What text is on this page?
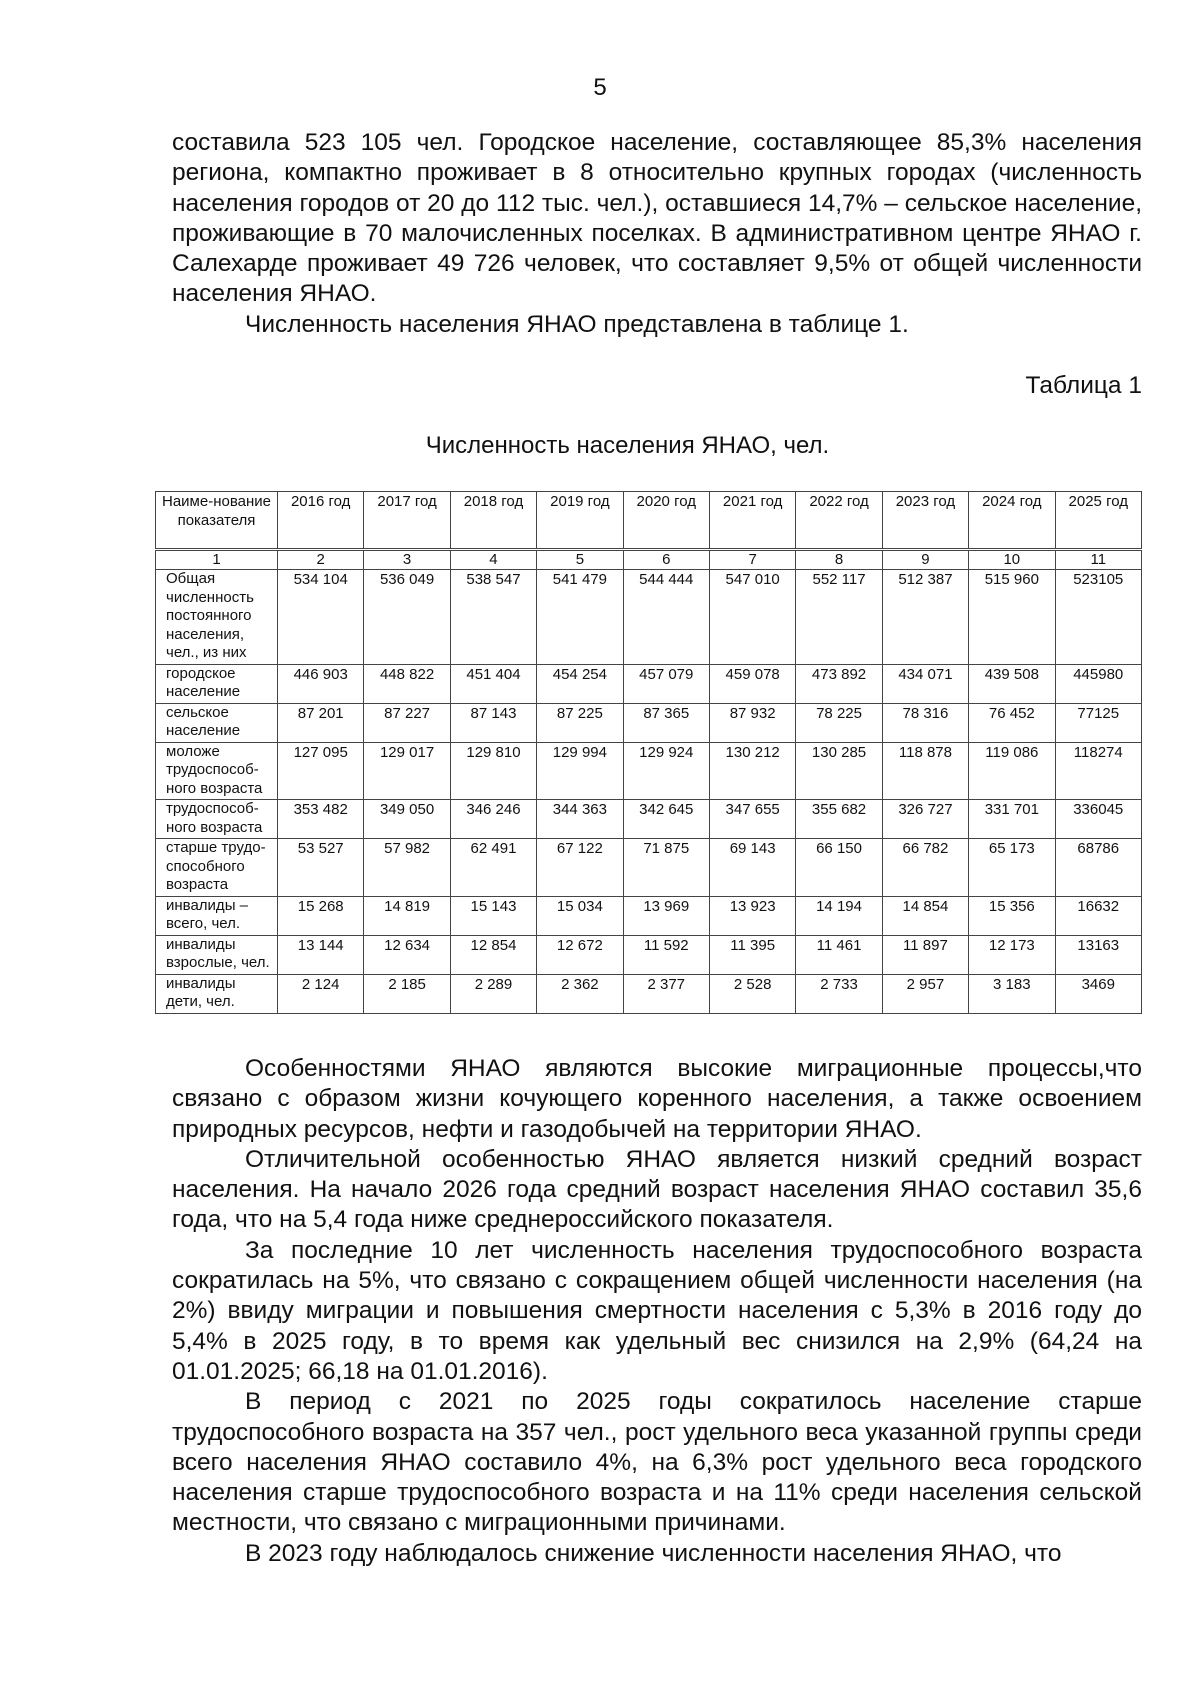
5

составила 523 105 чел. Городское население, составляющее 85,3% населения региона, компактно проживает в 8 относительно крупных городах (численность населения городов от 20 до 112 тыс. чел.), оставшиеся 14,7% – сельское население, проживающие в 70 малочисленных поселках. В административном центре ЯНАО г. Салехарде проживает 49 726 человек, что составляет 9,5% от общей численности населения ЯНАО.

Численность населения ЯНАО представлена в таблице 1.

Таблица 1
Численность населения ЯНАО, чел.
Наиме-нование показателя	2016 год	2017 год	2018 год	2019 год	2020 год	2021 год	2022 год	2023 год	2024 год	2025 год
1	2	3	4	5	6	7	8	9	10	11
Общая численность постоянного населения, чел., из них	534 104	536 049	538 547	541 479	544 444	547 010	552 117	512 387	515 960	523105
городское население	446 903	448 822	451 404	454 254	457 079	459 078	473 892	434 071	439 508	445980
сельское население	87 201	87 227	87 143	87 225	87 365	87 932	78 225	78 316	76 452	77125
моложе трудоспособ-ного возраста	127 095	129 017	129 810	129 994	129 924	130 212	130 285	118 878	119 086	118274
трудоспособ-ного возраста	353 482	349 050	346 246	344 363	342 645	347 655	355 682	326 727	331 701	336045
старше трудо-способного возраста	53 527	57 982	62 491	67 122	71 875	69 143	66 150	66 782	65 173	68786
инвалиды – всего, чел.	15 268	14 819	15 143	15 034	13 969	13 923	14 194	14 854	15 356	16632
инвалиды взрослые, чел.	13 144	12 634	12 854	12 672	11 592	11 395	11 461	11 897	12 173	13163
инвалиды дети, чел.	2 124	2 185	2 289	2 362	2 377	2 528	2 733	2 957	3 183	3469

Особенностями ЯНАО являются высокие миграционные процессы,что связано с образом жизни кочующего коренного населения, а также освоением природных ресурсов, нефти и газодобычей на территории ЯНАО.

Отличительной особенностью ЯНАО является низкий средний возраст населения. На начало 2026 года средний возраст населения ЯНАО составил 35,6 года, что на 5,4 года ниже среднероссийского показателя.

За последние 10 лет численность населения трудоспособного возраста сократилась на 5%, что связано с сокращением общей численности населения (на 2%) ввиду миграции и повышения смертности населения с 5,3% в 2016 году до 5,4% в 2025 году, в то время как удельный вес снизился на 2,9% (64,24 на 01.01.2025; 66,18 на 01.01.2016).

В период с 2021 по 2025 годы сократилось население старше трудоспособного возраста на 357 чел., рост удельного веса указанной группы среди всего населения ЯНАО составило 4%, на 6,3% рост удельного веса городского населения старше трудоспособного возраста и на 11% среди населения сельской местности, что связано с миграционными причинами.

В 2023 году наблюдалось снижение численности населения ЯНАО, что
